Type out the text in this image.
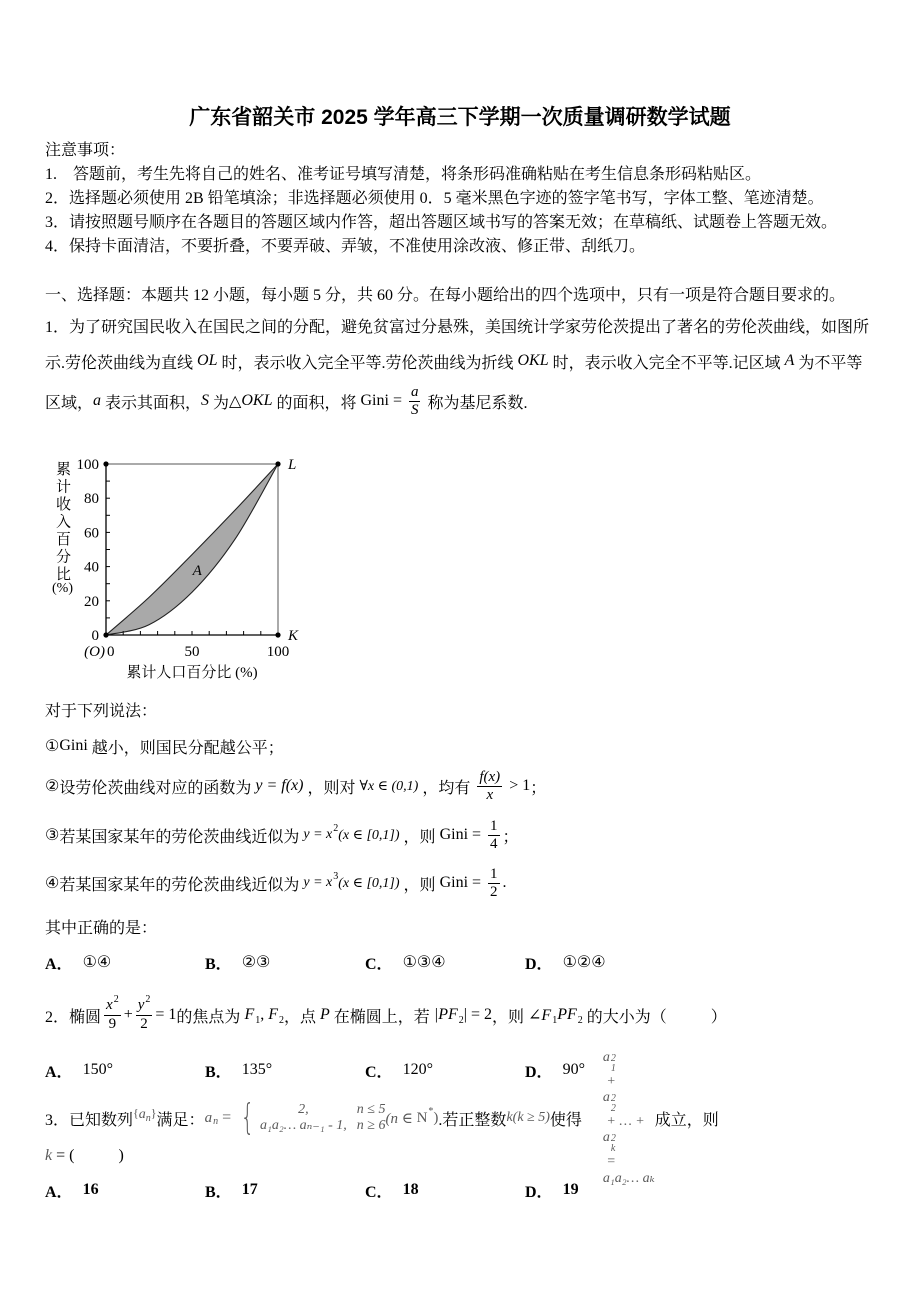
广东省韶关市 2025 学年高三下学期一次质量调研数学试题
注意事项：
1.　答题前，考生先将自己的姓名、准考证号填写清楚，将条形码准确粘贴在考生信息条形码粘贴区。
2．选择题必须使用 2B 铅笔填涂；非选择题必须使用 0．5 毫米黑色字迹的签字笔书写，字体工整、笔迹清楚。
3．请按照题号顺序在各题目的答题区域内作答，超出答题区域书写的答案无效；在草稿纸、试题卷上答题无效。
4．保持卡面清洁，不要折叠，不要弄破、弄皱，不准使用涂改液、修正带、刮纸刀。
一、选择题：本题共 12 小题，每小题 5 分，共 60 分。在每小题给出的四个选项中，只有一项是符合题目要求的。
1．为了研究国民收入在国民之间的分配，避免贫富过分悬殊，美国统计学家劳伦茨提出了著名的劳伦茨曲线，如图所
示.劳伦茨曲线为直线 OL 时，表示收入完全平等.劳伦茨曲线为折线 OKL 时，表示收入完全不平等.记区域 A 为不平等
区域， a 表示其面积， S 为 △ OKL 的面积，将 Gini = $\frac{a}{S}$ 称为基尼系数.
L
K
0
20
40
60
80
100
0	50	100
(O)
累计人口百分比 (%)
A
累计收入百分比
(%)
对于下列说法：
① Gini 越小，则国民分配越公平；
② 设劳伦茨曲线对应的函数为 y = f(x) ，则对 ∀x ∈ (0,1) ，均有 $\frac{f(x)}{x} > 1$ ；
③ 若某国家某年的劳伦茨曲线近似为 y = x 2 (x ∈ [0,1]) ，则 Gini = $\frac{1}{4}$ ；
④ 若某国家某年的劳伦茨曲线近似为 y = x 3 (x ∈ [0,1]) ，则 Gini = $\frac{1}{2}$ .
其中正确的是：
A． ①④	B． ②③	C． ①③④	D． ①②④
2．椭圆 $\frac{x^2}{9} + \frac{y^2}{2} = 1$ 的焦点为 F 1 , F 2 ，点 P 在椭圆上，若 |PF 2 | = 2 ，则 ∠F 1 PF 2 的大小为（	）
A． 150°	B． 135°	C． 120°	D． 90°
3．已知数列 { a n } 满足： a n = {	2,
a₁a₂… aₙ₋₁ - 1,
n ≤ 5
n ≥ 6 (n ∈ N * ) .若正整数 k(k ≥ 5) 使得

a 2
1

+
a 2
2

+ … +
a 2
k

=
a₁a₂… aₖ

成立，则
k = (	)
A． 16	B． 17	C． 18	D． 19
